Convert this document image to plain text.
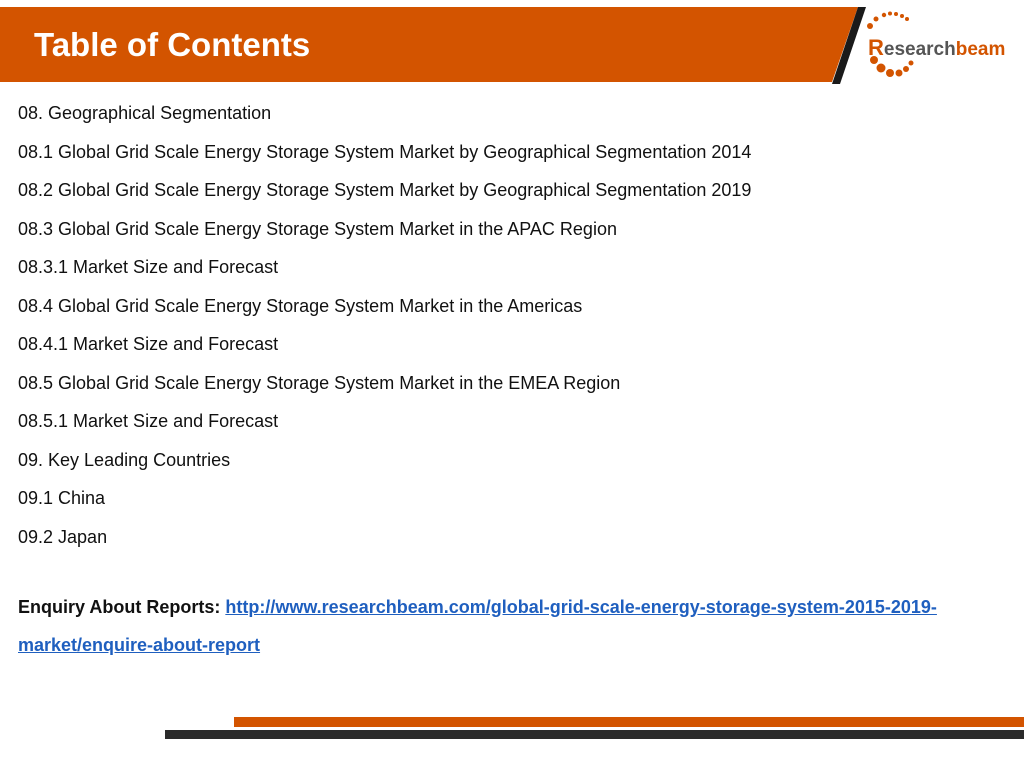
Table of Contents	Researchbeam
08. Geographical Segmentation
08.1 Global Grid Scale Energy Storage System Market by Geographical Segmentation 2014
08.2 Global Grid Scale Energy Storage System Market by Geographical Segmentation 2019
08.3 Global Grid Scale Energy Storage System Market in the APAC Region
08.3.1 Market Size and Forecast
08.4 Global Grid Scale Energy Storage System Market in the Americas
08.4.1 Market Size and Forecast
08.5 Global Grid Scale Energy Storage System Market in the EMEA Region
08.5.1 Market Size and Forecast
09. Key Leading Countries
09.1 China
09.2 Japan
Enquiry About Reports: http://www.researchbeam.com/global-grid-scale-energy-storage-system-2015-2019-market/enquire-about-report
